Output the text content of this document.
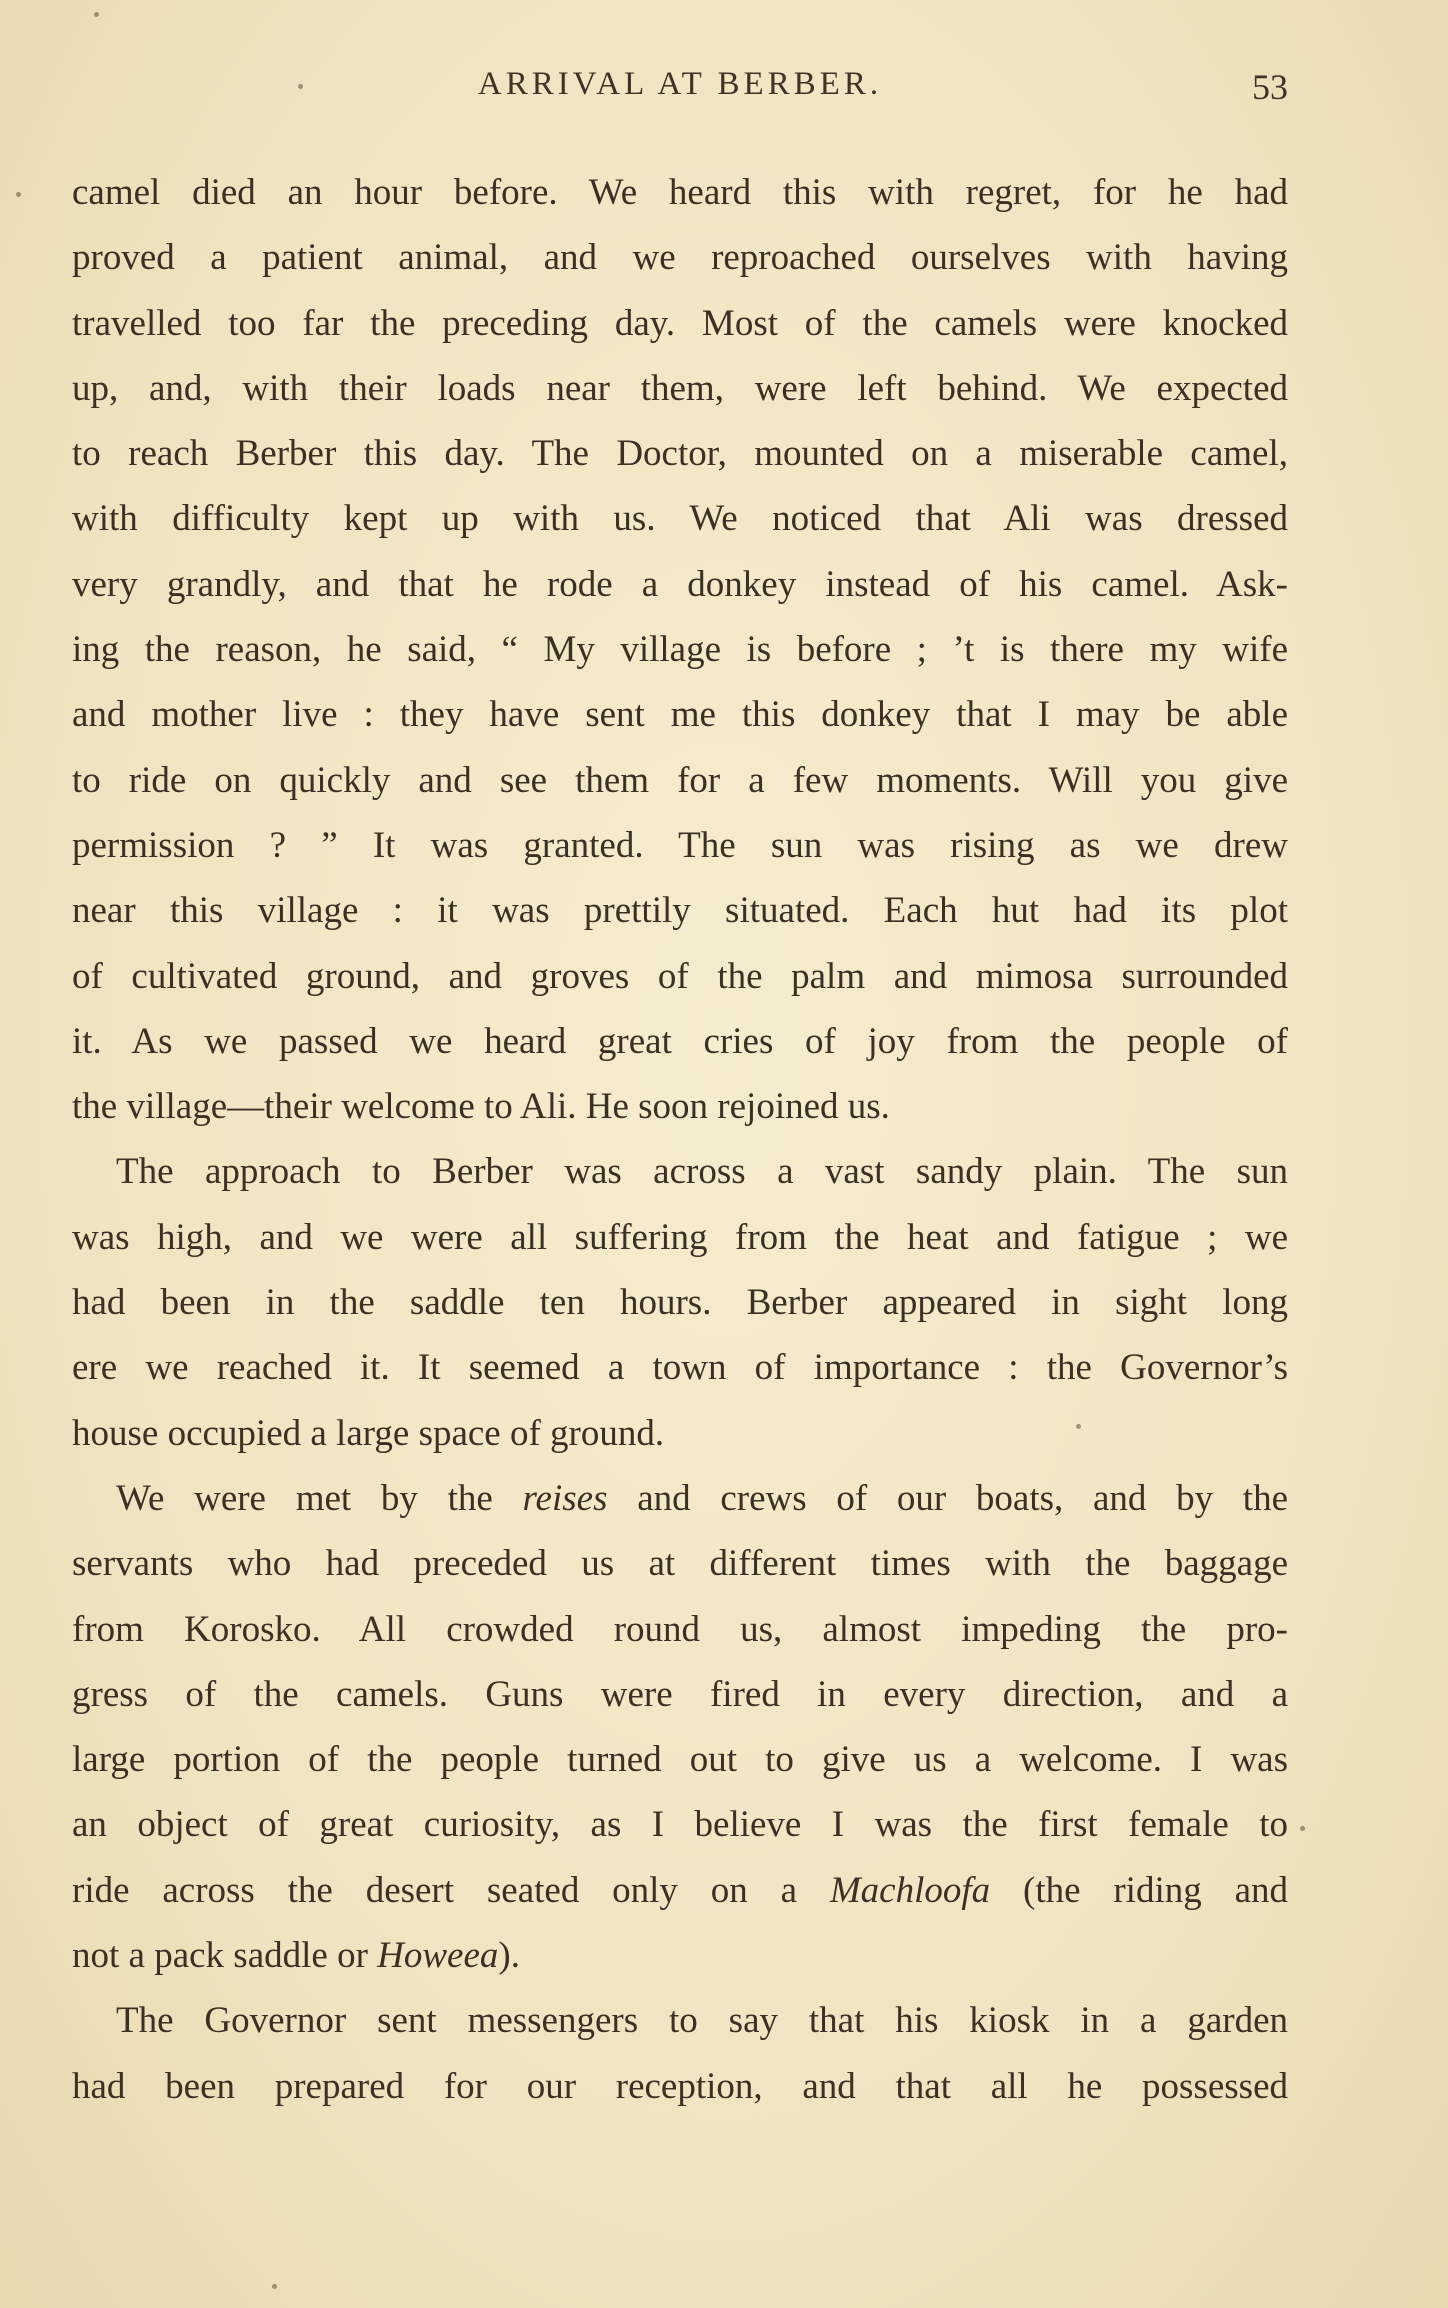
ARRIVAL AT BERBER.	53
camel died an hour before. We heard this with regret, for he had
proved a patient animal, and we reproached ourselves with having
travelled too far the preceding day. Most of the camels were knocked
up, and, with their loads near them, were left behind. We expected
to reach Berber this day. The Doctor, mounted on a miserable camel,
with difficulty kept up with us. We noticed that Ali was dressed
very grandly, and that he rode a donkey instead of his camel. Ask-
ing the reason, he said, “ My village is before ; ’t is there my wife
and mother live : they have sent me this donkey that I may be able
to ride on quickly and see them for a few moments. Will you give
permission ? ” It was granted. The sun was rising as we drew
near this village : it was prettily situated. Each hut had its plot
of cultivated ground, and groves of the palm and mimosa surrounded
it. As we passed we heard great cries of joy from the people of
the village—their welcome to Ali. He soon rejoined us.
The approach to Berber was across a vast sandy plain. The sun
was high, and we were all suffering from the heat and fatigue ; we
had been in the saddle ten hours. Berber appeared in sight long
ere we reached it. It seemed a town of importance : the Governor’s
house occupied a large space of ground.
We were met by the reises and crews of our boats, and by the
servants who had preceded us at different times with the baggage
from Korosko. All crowded round us, almost impeding the pro-
gress of the camels. Guns were fired in every direction, and a
large portion of the people turned out to give us a welcome. I was
an object of great curiosity, as I believe I was the first female to
ride across the desert seated only on a Machloofa (the riding and
not a pack saddle or Howeea).
The Governor sent messengers to say that his kiosk in a garden
had been prepared for our reception, and that all he possessed
